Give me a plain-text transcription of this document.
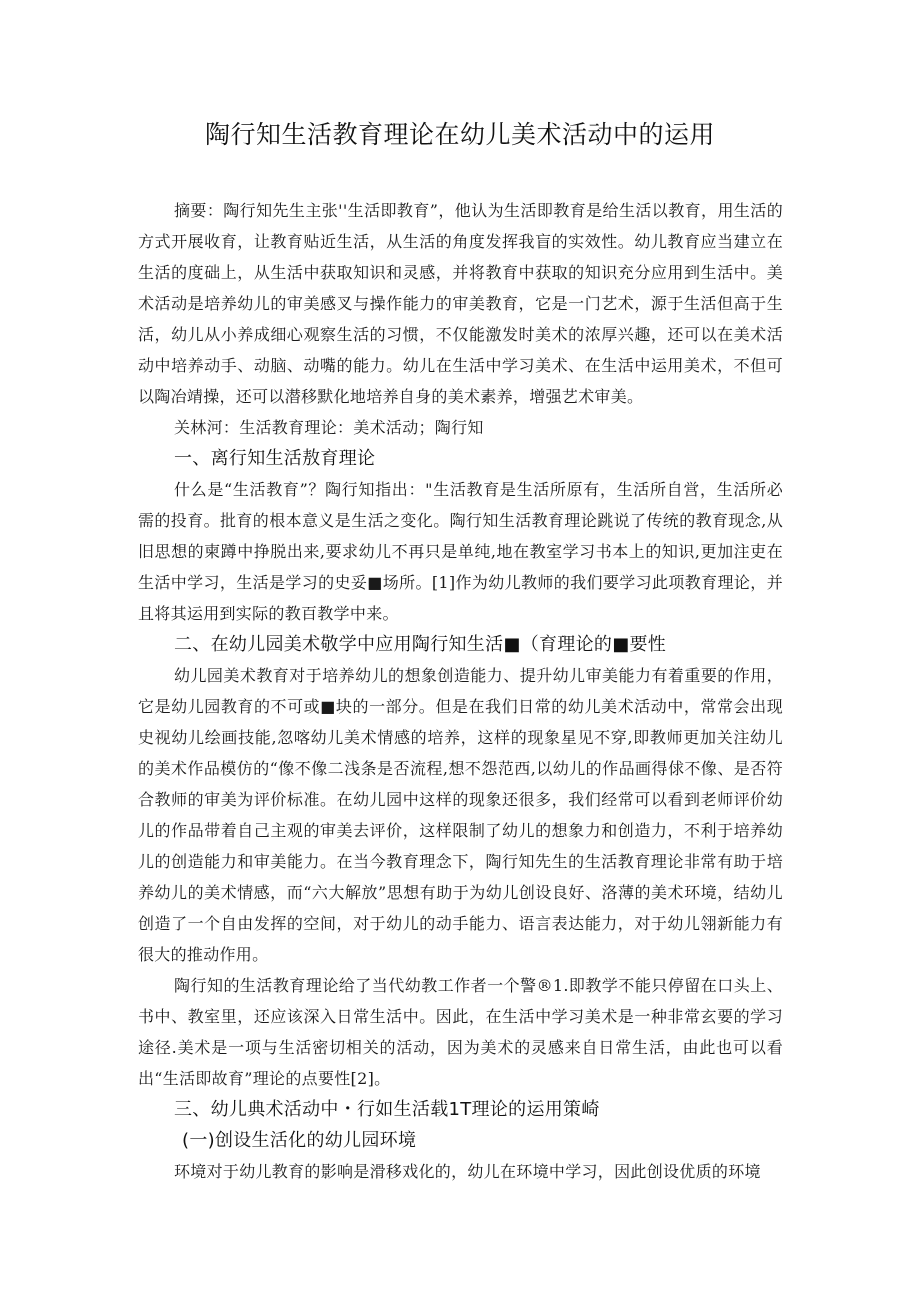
陶行知生活教育理论在幼儿美术活动中的运用

摘要：陶行知先生主张''生活即教育”，他认为生活即教育是给生活以教育，用生活的方式开展收育，让教育贴近生活，从生活的角度发挥我盲的实效性。幼儿教育应当建立在生活的度础上，从生活中获取知识和灵感，并将教育中获取的知识充分应用到生活中。美术活动是培养幼儿的审美感叉与操作能力的审美教育，它是一门艺术，源于生活但高于生活，幼儿从小养成细心观察生活的习惯，不仅能激发时美术的浓厚兴趣，还可以在美术活动中培养动手、动脑、动嘴的能力。幼儿在生活中学习美术、在生活中运用美术，不但可以陶冶靖操，还可以潜移默化地培养自身的美术素养，增强艺术审美。

关林河：生活教育理论：美术活动；陶行知

一、离行知生活敖育理论

什么是“生活教育”？陶行知指出："生活教育是生活所原有，生活所自営，生活所必需的投育。批育的根本意义是生活之变化。陶行知生活教育理论跳说了传统的教育现念,从旧思想的柬蹲中挣脱出来,要求幼儿不再只是单纯,地在教室学习书本上的知识,更加注吏在生活中学习，生活是学习的史妥■场所。[1]作为幼儿教师的我们要学习此项教育理论，并且将其运用到实际的教百教学中来。

二、在幼儿园美术敬学中应用陶行知生活■（育理论的■要性

幼儿园美术教育对于培养幼儿的想象创造能力、提升幼儿审美能力有着重要的作用，它是幼儿园教育的不可或■块的一部分。但是在我们日常的幼儿美术活动中，常常会出现史视幼儿绘画技能,忽喀幼儿美术情感的培养，这样的现象星见不穿,即教师更加关注幼儿的美术作品模仿的“像不像二浅条是否流程,想不怨范西,以幼儿的作品画得俅不像、是否符合教师的审美为评价标准。在幼儿园中这样的现象还很多，我们经常可以看到老师评价幼儿的作品带着自己主观的审美去评价，这样限制了幼儿的想象力和创造力，不利于培养幼儿的创造能力和审美能力。在当今教育理念下，陶行知先生的生活教育理论非常有助于培养幼儿的美术情感，而“六大解放”思想有助于为幼儿创设良好、洛薄的美术环境，结幼儿创造了一个自由发挥的空间，对于幼儿的动手能力、语言表达能力，对于幼儿翎新能力有很大的推动作用。

陶行知的生活教育理论给了当代幼教工作者一个警®1.即教学不能只停留在口头上、书中、教室里，还应该深入日常生活中。因此，在生活中学习美术是一种非常玄要的学习途径.美术是一项与生活密切相关的活动，因为美术的灵感来自日常生活，由此也可以看出“生活即故育”理论的点要性[2]。

三、幼儿典术活动中・行如生活载1T理论的运用策崎

(一)创设生活化的幼儿园环境

环境对于幼儿教育的影响是滑移戏化的，幼儿在环境中学习，因此创设优质的环境
